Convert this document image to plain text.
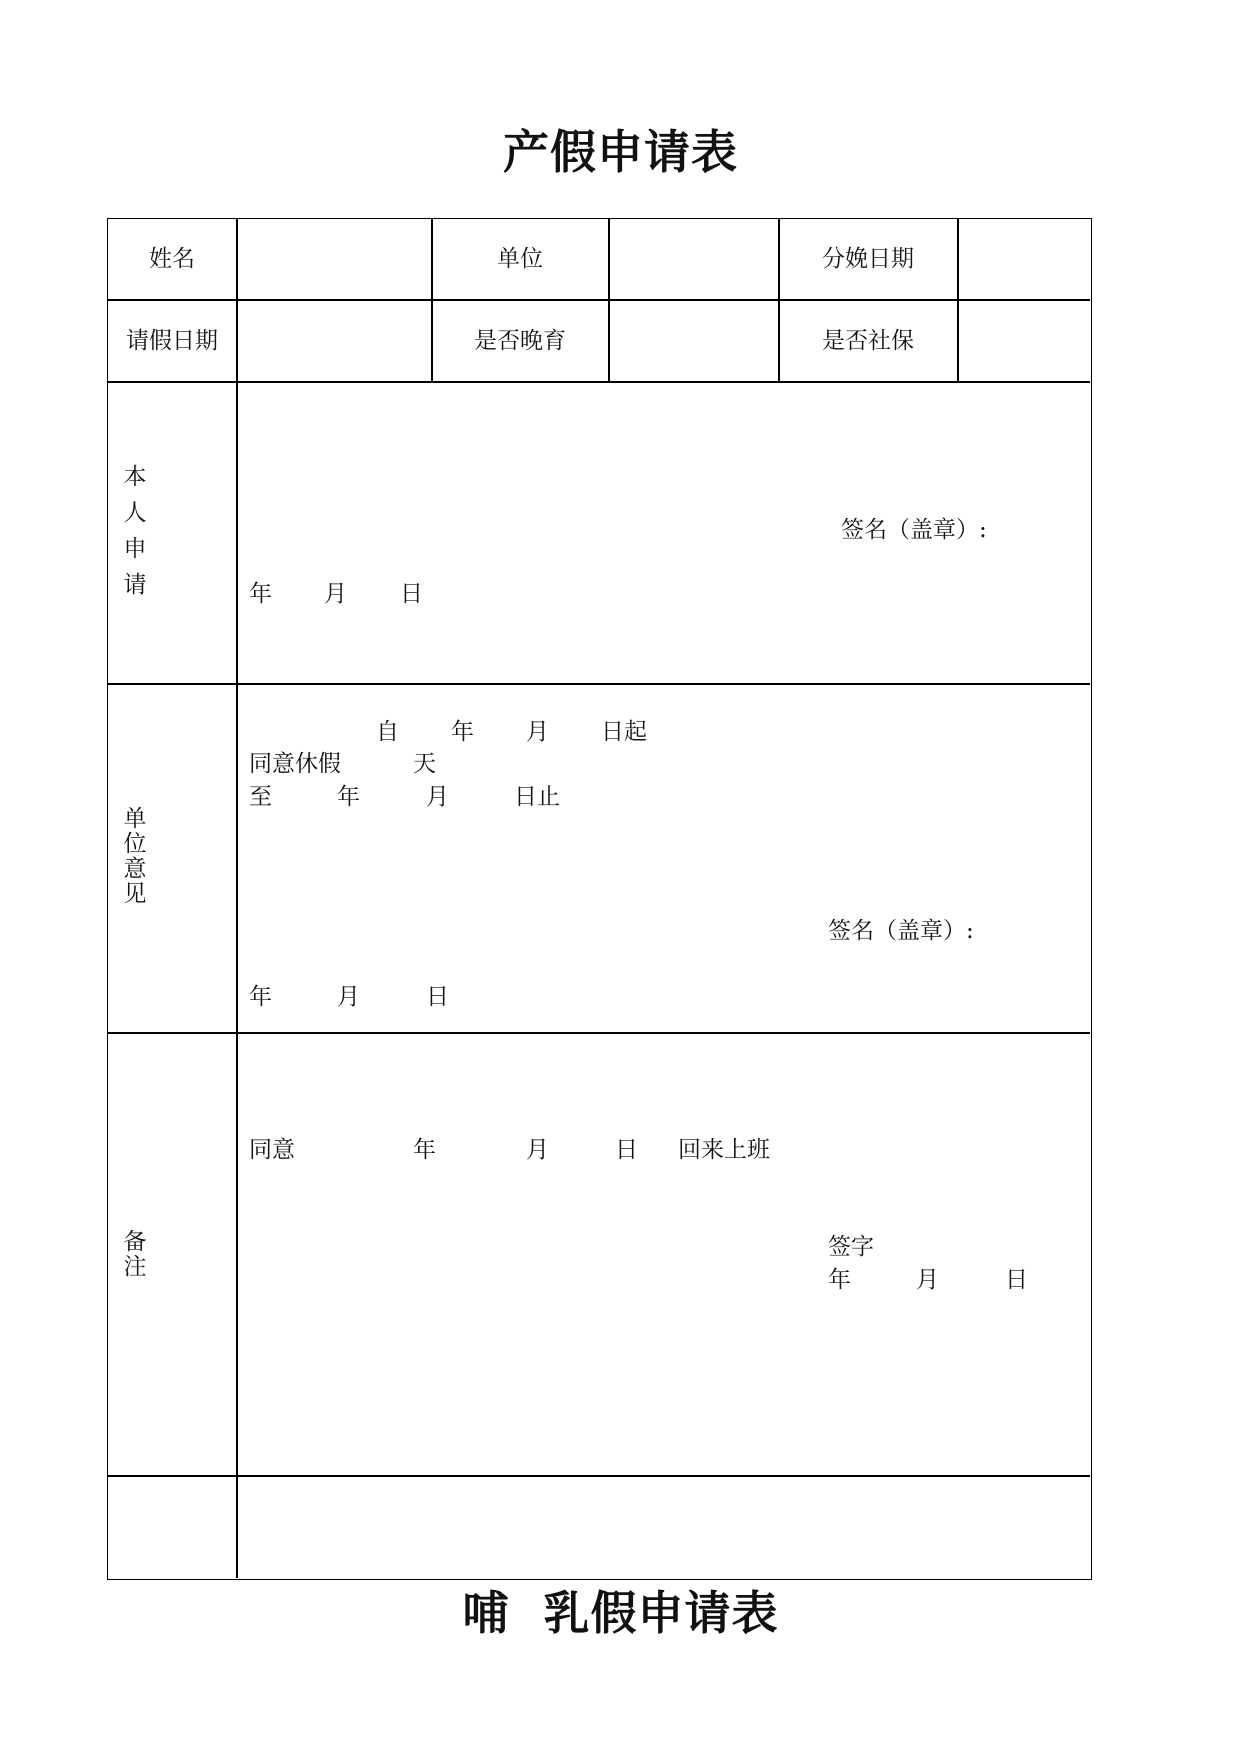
产假申请表
姓名	单位	分娩日期
请假日期	是否晚育	是否社保
本人申请
签名（盖章）:
年 月 日
单位意见
自 年 月 日起
同意休假	天
至	年	月	日止
签名（盖章）:
年	月	日
备注
同意	年	月	日 回来上班
签字
年	月	日
哺  乳假申请表
